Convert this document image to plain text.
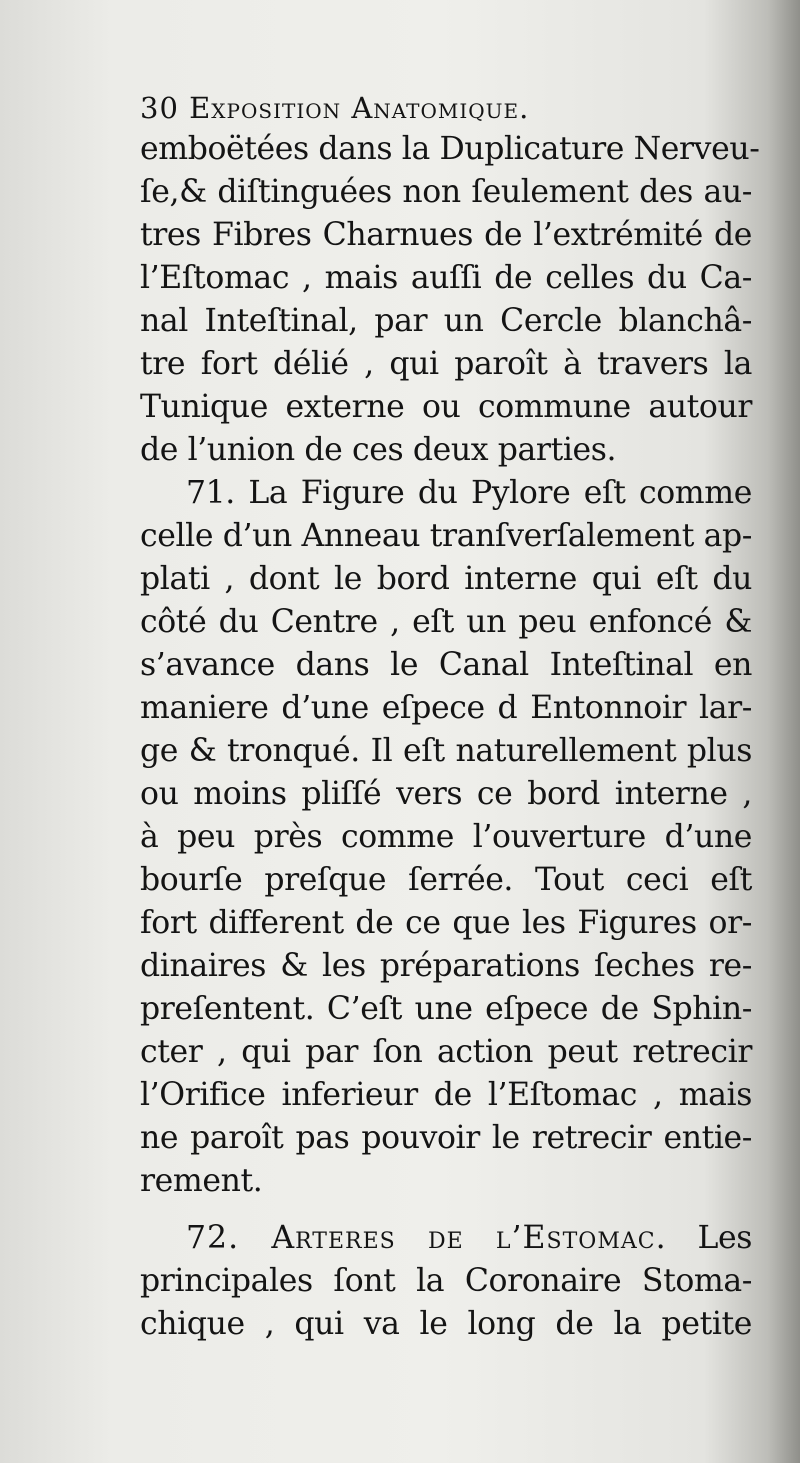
30 Exposition Anatomique.
emboëtées dans la Duplicature Nerveu-
ſe,& diſtinguées non ſeulement des au-
tres Fibres Charnues de l’extrémité de
l’Eſtomac , mais auſſi de celles du Ca-
nal Inteſtinal, par un Cercle blanchâ-
tre fort délié , qui paroît à travers la
Tunique externe ou commune autour
de l’union de ces deux parties.
71. La Figure du Pylore eſt comme
celle d’un Anneau tranſverſalement ap-
plati , dont le bord interne qui eſt du
côté du Centre , eſt un peu enfoncé &
s’avance dans le Canal Inteſtinal en
maniere d’une eſpece d Entonnoir lar-
ge & tronqué. Il eſt naturellement plus
ou moins pliſſé vers ce bord interne ,
à peu près comme l’ouverture d’une
bourſe preſque ſerrée. Tout ceci eſt
fort different de ce que les Figures or-
dinaires & les préparations ſeches re-
preſentent. C’eſt une eſpece de Sphin-
cter , qui par ſon action peut retrecir
l’Orifice inferieur de l’Eſtomac , mais
ne paroît pas pouvoir le retrecir entie-
rement.
72. Arteres de l’Estomac. Les
principales ſont la Coronaire Stoma-
chique , qui va le long de la petite
